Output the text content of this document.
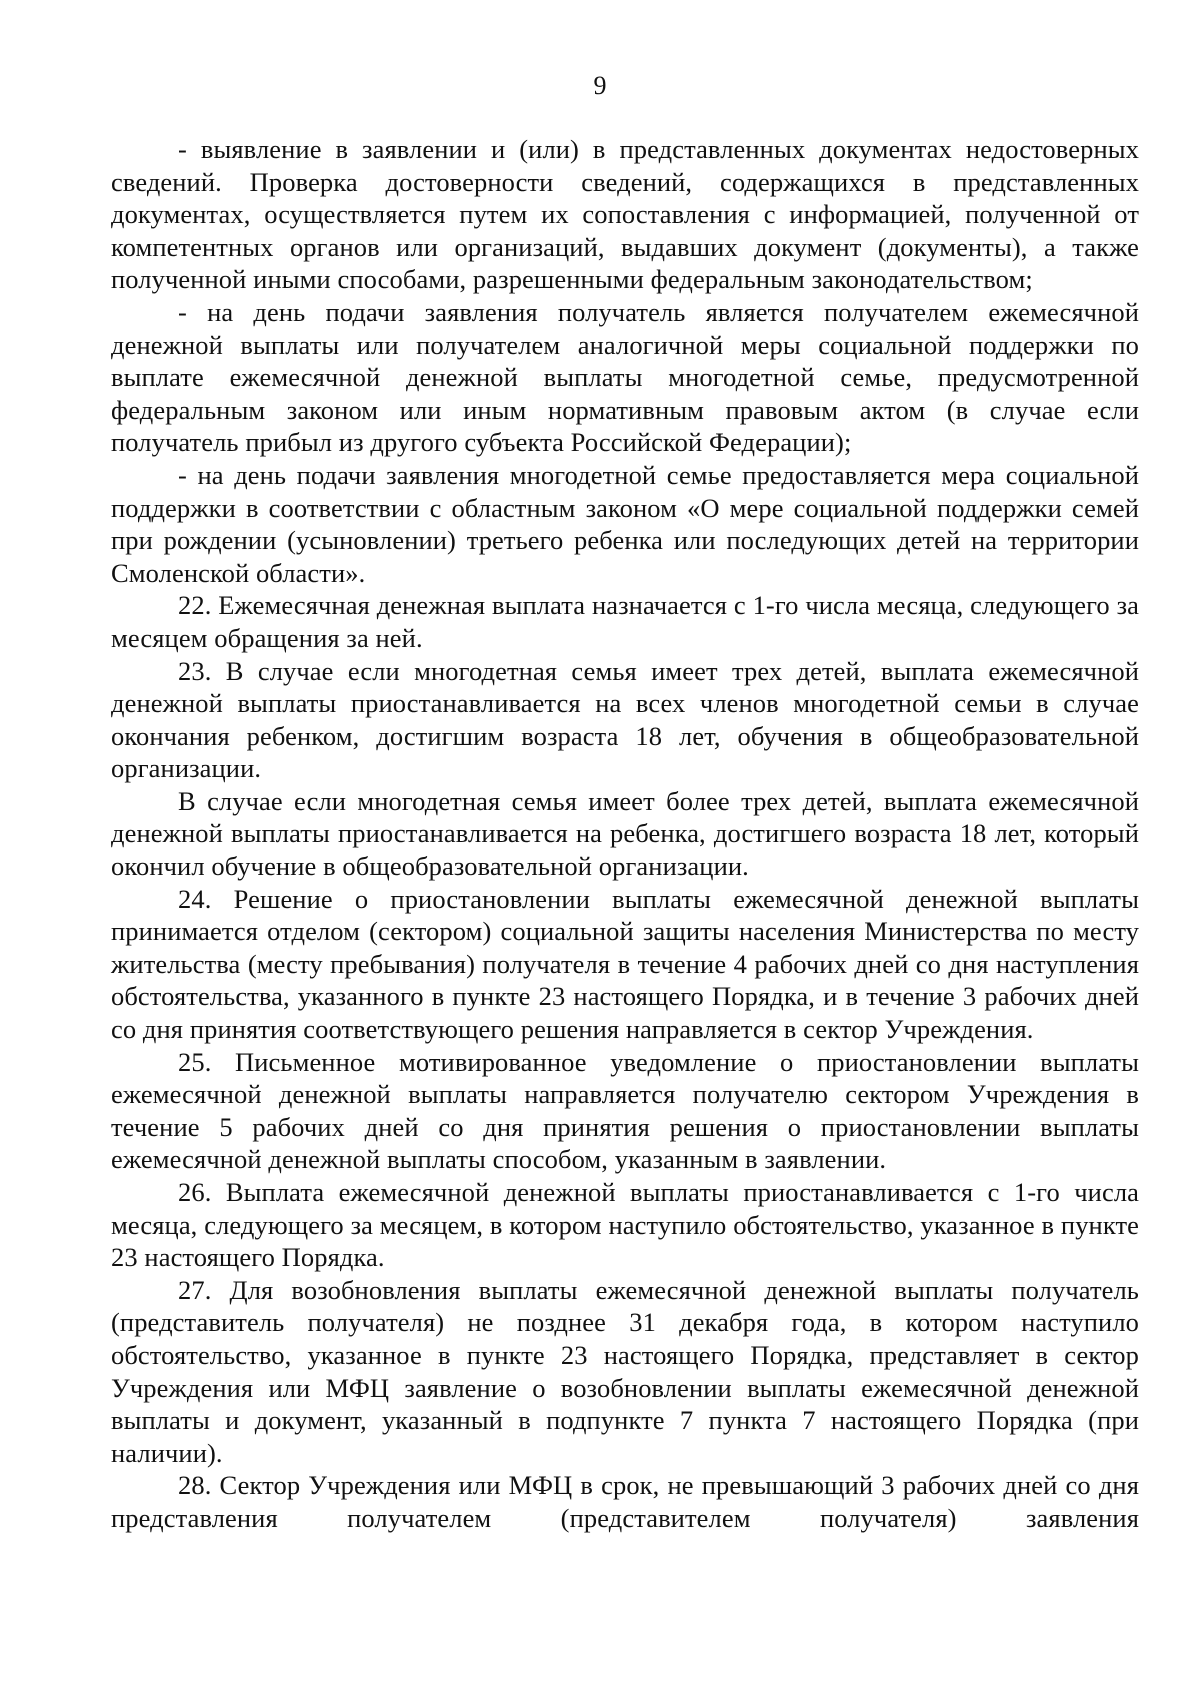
9

- выявление в заявлении и (или) в представленных документах недостоверных сведений. Проверка достоверности сведений, содержащихся в представленных документах, осуществляется путем их сопоставления с информацией, полученной от компетентных органов или организаций, выдавших документ (документы), а также полученной иными способами, разрешенными федеральным законодательством;

- на день подачи заявления получатель является получателем ежемесячной денежной выплаты или получателем аналогичной меры социальной поддержки по выплате ежемесячной денежной выплаты многодетной семье, предусмотренной федеральным законом или иным нормативным правовым актом (в случае если получатель прибыл из другого субъекта Российской Федерации);

- на день подачи заявления многодетной семье предоставляется мера социальной поддержки в соответствии с областным законом «О мере социальной поддержки семей при рождении (усыновлении) третьего ребенка или последующих детей на территории Смоленской области».

22. Ежемесячная денежная выплата назначается с 1-го числа месяца, следующего за месяцем обращения за ней.

23. В случае если многодетная семья имеет трех детей, выплата ежемесячной денежной выплаты приостанавливается на всех членов многодетной семьи в случае окончания ребенком, достигшим возраста 18 лет, обучения в общеобразовательной организации.

В случае если многодетная семья имеет более трех детей, выплата ежемесячной денежной выплаты приостанавливается на ребенка, достигшего возраста 18 лет, который окончил обучение в общеобразовательной организации.

24. Решение о приостановлении выплаты ежемесячной денежной выплаты принимается отделом (сектором) социальной защиты населения Министерства по месту жительства (месту пребывания) получателя в течение 4 рабочих дней со дня наступления обстоятельства, указанного в пункте 23 настоящего Порядка, и в течение 3 рабочих дней со дня принятия соответствующего решения направляется в сектор Учреждения.

25. Письменное мотивированное уведомление о приостановлении выплаты ежемесячной денежной выплаты направляется получателю сектором Учреждения в течение 5 рабочих дней со дня принятия решения о приостановлении выплаты ежемесячной денежной выплаты способом, указанным в заявлении.

26. Выплата ежемесячной денежной выплаты приостанавливается с 1-го числа месяца, следующего за месяцем, в котором наступило обстоятельство, указанное в пункте 23 настоящего Порядка.

27. Для возобновления выплаты ежемесячной денежной выплаты получатель (представитель получателя) не позднее 31 декабря года, в котором наступило обстоятельство, указанное в пункте 23 настоящего Порядка, представляет в сектор Учреждения или МФЦ заявление о возобновлении выплаты ежемесячной денежной выплаты и документ, указанный в подпункте 7 пункта 7 настоящего Порядка (при наличии).

28. Сектор Учреждения или МФЦ в срок, не превышающий 3 рабочих дней со дня представления получателем (представителем получателя) заявления
